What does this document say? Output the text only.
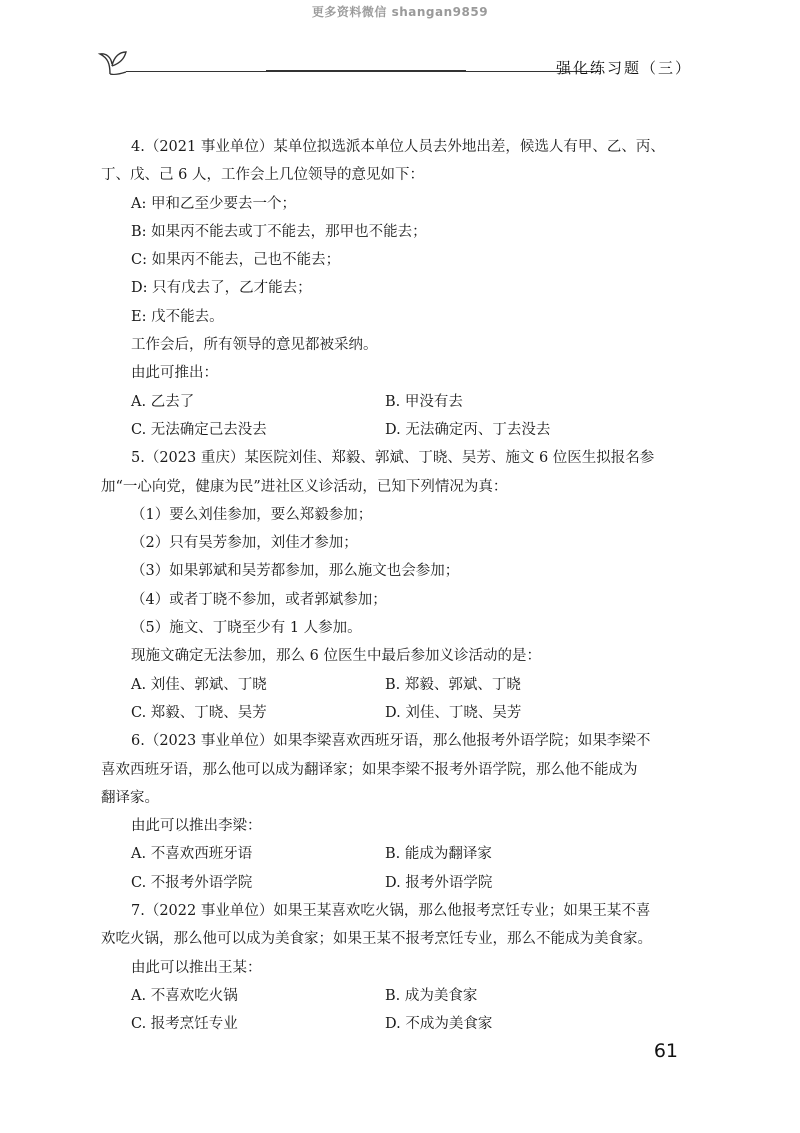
更多资料微信 shangan9859
强化练习题（三）
4.（2021 事业单位）某单位拟选派本单位人员去外地出差，候选人有甲、乙、丙、
丁、戊、己 6 人，工作会上几位领导的意见如下：
A: 甲和乙至少要去一个；
B: 如果丙不能去或丁不能去，那甲也不能去；
C: 如果丙不能去，己也不能去；
D: 只有戊去了，乙才能去；
E: 戊不能去。
工作会后，所有领导的意见都被采纳。
由此可推出：
A. 乙去了	B. 甲没有去
C. 无法确定己去没去	D. 无法确定丙、丁去没去
5.（2023 重庆）某医院刘佳、郑毅、郭斌、丁晓、吴芳、施文 6 位医生拟报名参
加“一心向党，健康为民”进社区义诊活动，已知下列情况为真：
（1）要么刘佳参加，要么郑毅参加；
（2）只有吴芳参加，刘佳才参加；
（3）如果郭斌和吴芳都参加，那么施文也会参加；
（4）或者丁晓不参加，或者郭斌参加；
（5）施文、丁晓至少有 1 人参加。
现施文确定无法参加，那么 6 位医生中最后参加义诊活动的是：
A. 刘佳、郭斌、丁晓	B. 郑毅、郭斌、丁晓
C. 郑毅、丁晓、吴芳	D. 刘佳、丁晓、吴芳
6.（2023 事业单位）如果李梁喜欢西班牙语，那么他报考外语学院；如果李梁不
喜欢西班牙语，那么他可以成为翻译家；如果李梁不报考外语学院，那么他不能成为
翻译家。
由此可以推出李梁：
A. 不喜欢西班牙语	B. 能成为翻译家
C. 不报考外语学院	D. 报考外语学院
7.（2022 事业单位）如果王某喜欢吃火锅，那么他报考烹饪专业；如果王某不喜
欢吃火锅，那么他可以成为美食家；如果王某不报考烹饪专业，那么不能成为美食家。
由此可以推出王某：
A. 不喜欢吃火锅	B. 成为美食家
C. 报考烹饪专业	D. 不成为美食家
61
